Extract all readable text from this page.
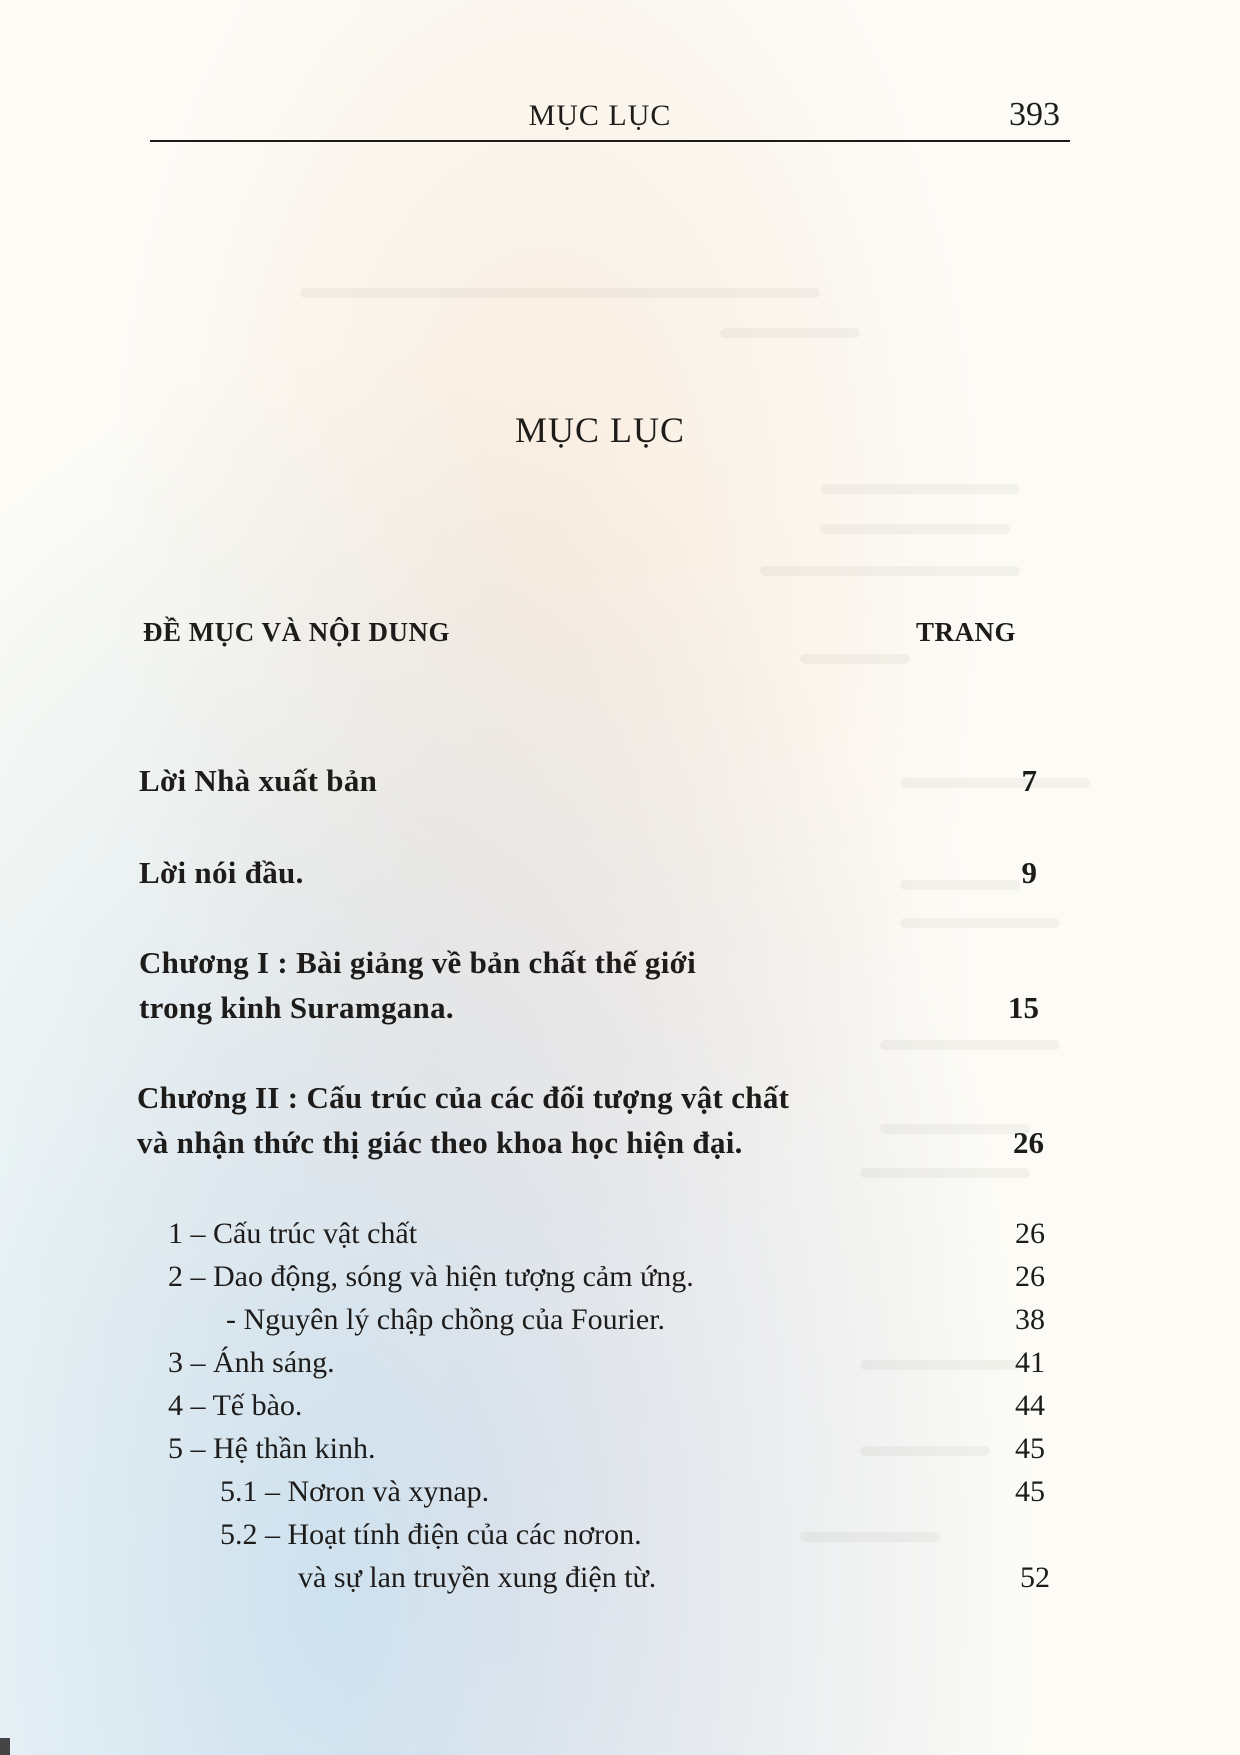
MỤC LỤC	393
MỤC LỤC
ĐỀ MỤC VÀ NỘI DUNG	TRANG
Lời Nhà xuất bản	7
Lời nói đầu.	9
Chương I : Bài giảng về bản chất thế giới
trong kinh Suramgana.	15
Chương II : Cấu trúc của các đối tượng vật chất
và nhận thức thị giác theo khoa học hiện đại.	26
1 – Cấu trúc vật chất	26
2 – Dao động, sóng và hiện tượng cảm ứng.	26
- Nguyên lý chập chồng của Fourier.	38
3 – Ánh sáng.	41
4 – Tế bào.	44
5 – Hệ thần kinh.	45
5.1 – Nơron và xynap.	45
5.2 – Hoạt tính điện của các nơron.
và sự lan truyền xung điện từ.	52
